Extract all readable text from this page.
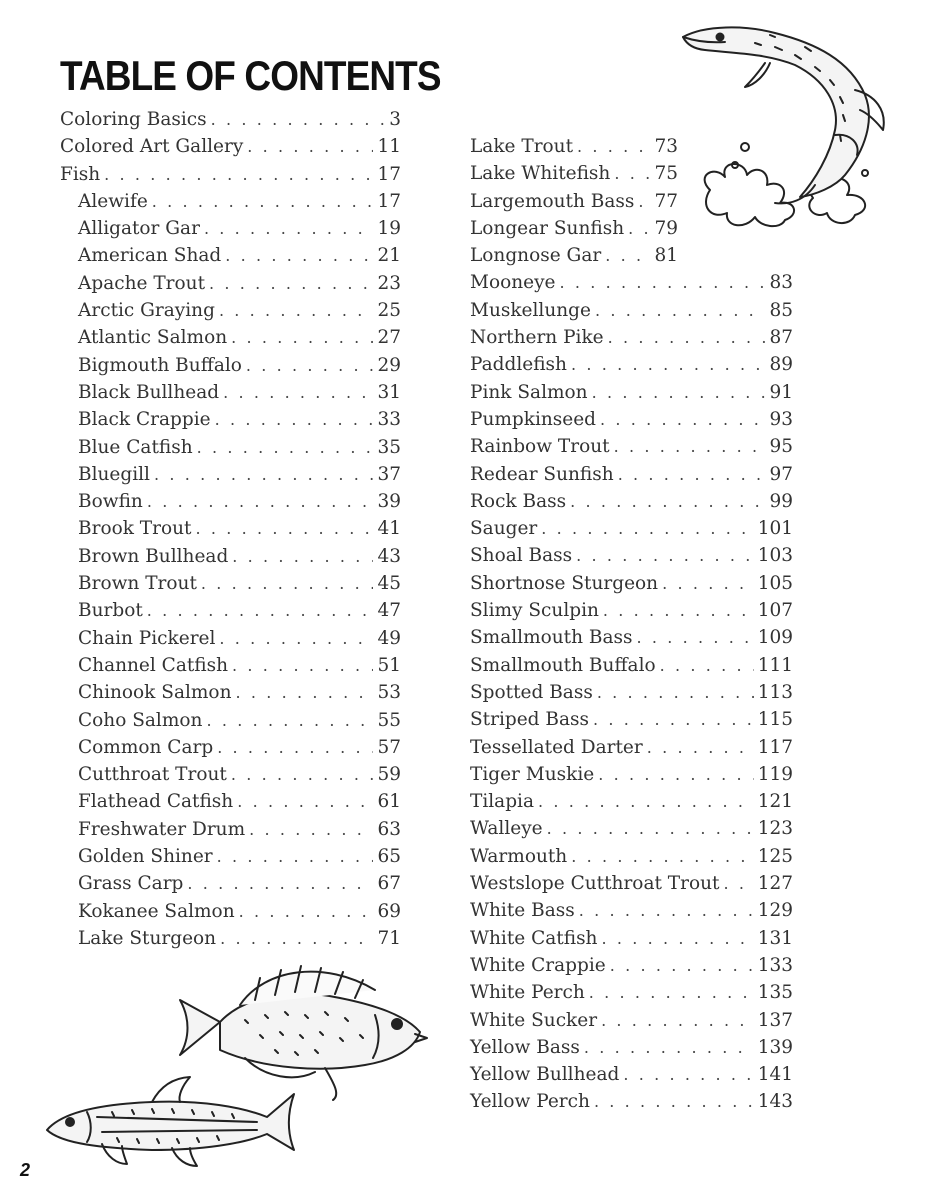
TABLE OF CONTENTS
Coloring Basics . . .	3
Colored Art Gallery . . .	11
Fish . . .	17
Alewife . . .	17
Alligator Gar . . .	19
American Shad . . .	21
Apache Trout . . .	23
Arctic Graying . . .	25
Atlantic Salmon . . .	27
Bigmouth Buffalo . . .	29
Black Bullhead . . .	31
Black Crappie . . .	33
Blue Catfish . . .	35
Bluegill . . .	37
Bowfin . . .	39
Brook Trout . . .	41
Brown Bullhead . . .	43
Brown Trout . . .	45
Burbot . . .	47
Chain Pickerel . . .	49
Channel Catfish . . .	51
Chinook Salmon . . .	53
Coho Salmon . . .	55
Common Carp . . .	57
Cutthroat Trout . . .	59
Flathead Catfish . . .	61
Freshwater Drum . . .	63
Golden Shiner . . .	65
Grass Carp . . .	67
Kokanee Salmon . . .	69
Lake Sturgeon . . .	71
Lake Trout . . .	73
Lake Whitefish . . . 75
Largemouth Bass . . . 77
Longear Sunfish . . . 79
Longnose Gar . . .	81
Mooneye . . .	83
Muskellunge . . .	85
Northern Pike . . .	87
Paddlefish . . .	89
Pink Salmon . . .	91
Pumpkinseed . . .	93
Rainbow Trout . . .	95
Redear Sunfish . . .	97
Rock Bass . . .	99
Sauger . . .	101
Shoal Bass . . .	103
Shortnose Sturgeon . . .	105
Slimy Sculpin . . .	107
Smallmouth Bass . . .	109
Smallmouth Buffalo . . .	111
Spotted Bass . . .	113
Striped Bass . . .	115
Tessellated Darter . . .	117
Tiger Muskie . . .	119
Tilapia . . .	121
Walleye . . .	123
Warmouth . . .	125
Westslope Cutthroat Trout . . . 127
White Bass . . .	129
White Catfish . . .	131
White Crappie . . .	133
White Perch . . .	135
White Sucker . . .	137
Yellow Bass . . .	139
Yellow Bullhead . . .	141
Yellow Perch . . .	143
2
